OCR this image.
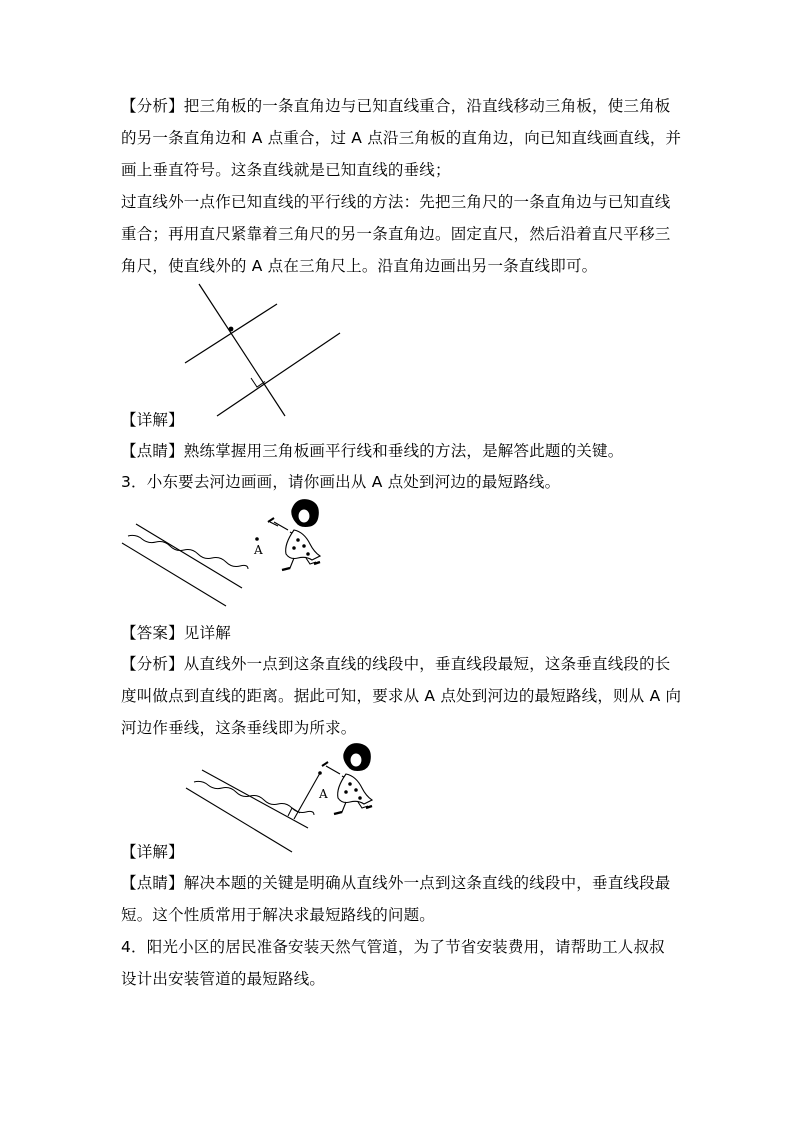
【分析】把三角板的一条直角边与已知直线重合，沿直线移动三角板，使三角板
的另一条直角边和 A 点重合，过 A 点沿三角板的直角边，向已知直线画直线，并
画上垂直符号。这条直线就是已知直线的垂线；
过直线外一点作已知直线的平行线的方法：先把三角尺的一条直角边与已知直线
重合；再用直尺紧靠着三角尺的另一条直角边。固定直尺，然后沿着直尺平移三
角尺，使直线外的 A 点在三角尺上。沿直角边画出另一条直线即可。
【详解】
【点睛】熟练掌握用三角板画平行线和垂线的方法，是解答此题的关键。
3．小东要去河边画画，请你画出从 A 点处到河边的最短路线。
A
【答案】见详解
【分析】从直线外一点到这条直线的线段中，垂直线段最短，这条垂直线段的长
度叫做点到直线的距离。据此可知，要求从 A 点处到河边的最短路线，则从 A 向
河边作垂线，这条垂线即为所求。
A
【详解】
【点睛】解决本题的关键是明确从直线外一点到这条直线的线段中，垂直线段最
短。这个性质常用于解决求最短路线的问题。
4．阳光小区的居民准备安装天然气管道，为了节省安装费用，请帮助工人叔叔
设计出安装管道的最短路线。
